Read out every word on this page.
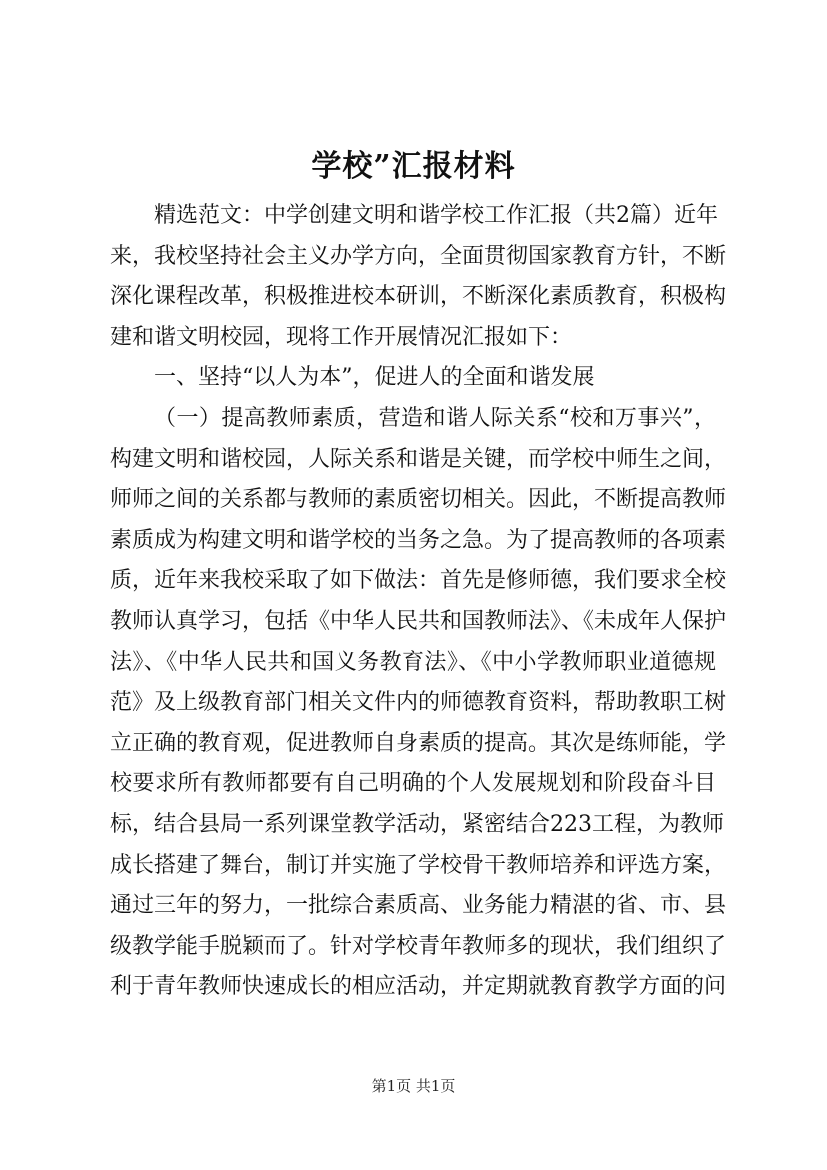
学校”汇报材料
精选范文：中学创建文明和谐学校工作汇报（共2篇）近年
来，我校坚持社会主义办学方向，全面贯彻国家教育方针，不断
深化课程改革，积极推进校本研训，不断深化素质教育，积极构
建和谐文明校园，现将工作开展情况汇报如下：
一、坚持“以人为本”，促进人的全面和谐发展
（一）提高教师素质，营造和谐人际关系“校和万事兴”，
构建文明和谐校园，人际关系和谐是关键，而学校中师生之间，
师师之间的关系都与教师的素质密切相关。因此，不断提高教师
素质成为构建文明和谐学校的当务之急。为了提高教师的各项素
质，近年来我校采取了如下做法：首先是修师德，我们要求全校
教师认真学习，包括《中华人民共和国教师法》、《未成年人保护
法》、《中华人民共和国义务教育法》、《中小学教师职业道德规
范》及上级教育部门相关文件内的师德教育资料，帮助教职工树
立正确的教育观，促进教师自身素质的提高。其次是练师能，学
校要求所有教师都要有自己明确的个人发展规划和阶段奋斗目
标，结合县局一系列课堂教学活动，紧密结合223工程，为教师
成长搭建了舞台，制订并实施了学校骨干教师培养和评选方案，
通过三年的努力，一批综合素质高、业务能力精湛的省、市、县
级教学能手脱颖而了。针对学校青年教师多的现状，我们组织了
利于青年教师快速成长的相应活动，并定期就教育教学方面的问
第1页 共1页
